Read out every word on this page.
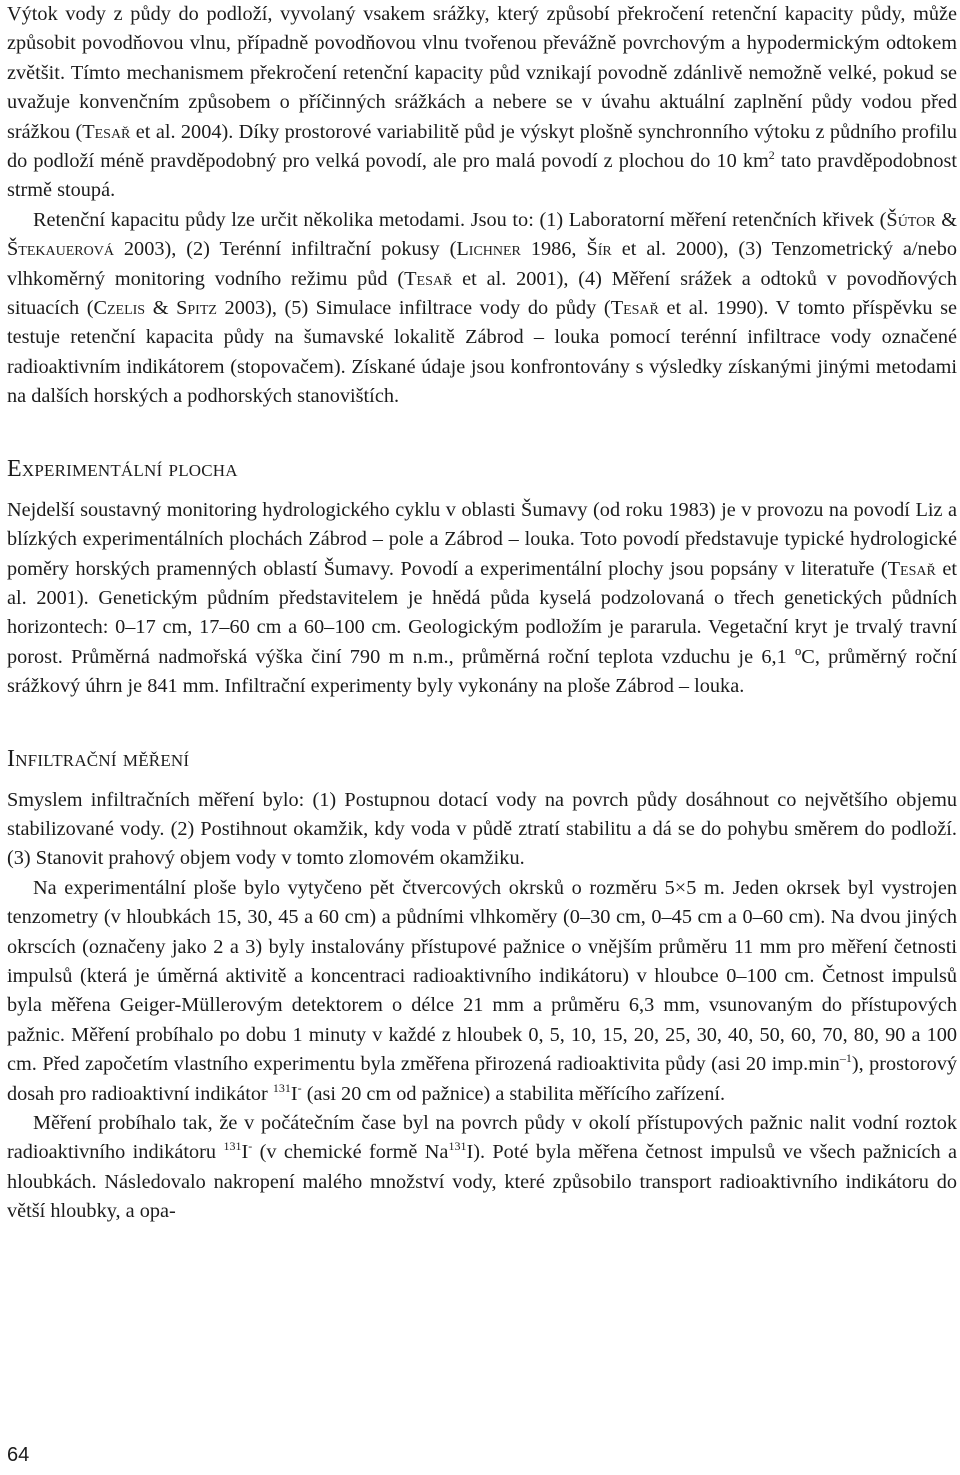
Výtok vody z půdy do podloží, vyvolaný vsakem srážky, který způsobí překročení retenční kapacity půdy, může způsobit povodňovou vlnu, případně povodňovou vlnu tvořenou převážně povrchovým a hypodermickým odtokem zvětšit. Tímto mechanismem překročení retenční kapacity půd vznikají povodně zdánlivě nemožně velké, pokud se uvažuje konvenčním způsobem o příčinných srážkách a nebere se v úvahu aktuální zaplnění půdy vodou před srážkou (Tesař et al. 2004). Díky prostorové variabilitě půd je výskyt plošně synchronního výtoku z půdního profilu do podloží méně pravděpodobný pro velká povodí, ale pro malá povodí z plochou do 10 $km^2$ tato pravděpodobnost strmě stoupá.

Retenční kapacitu půdy lze určit několika metodami. Jsou to: (1) Laboratorní měření retenčních křivek (Šútor & Štekauerová 2003), (2) Terénní infiltrační pokusy (Lichner 1986, Šír et al. 2000), (3) Tenzometrický a/nebo vlhkoměrný monitoring vodního režimu půd (Tesař et al. 2001), (4) Měření srážek a odtoků v povodňových situacích (Czelis & Spitz 2003), (5) Simulace infiltrace vody do půdy (Tesař et al. 1990). V tomto příspěvku se testuje retenční kapacita půdy na šumavské lokalitě Zábrod – louka pomocí terénní infiltrace vody označené radioaktivním indikátorem (stopovačem). Získané údaje jsou konfrontovány s výsledky získanými jinými metodami na dalších horských a podhorských stanovištích.

Experimentální plocha

Nejdelší soustavný monitoring hydrologického cyklu v oblasti Šumavy (od roku 1983) je v provozu na povodí Liz a blízkých experimentálních plochách Zábrod – pole a Zábrod – louka. Toto povodí představuje typické hydrologické poměry horských pramenných oblastí Šumavy. Povodí a experimentální plochy jsou popsány v literatuře (Tesař et al. 2001). Genetickým půdním představitelem je hnědá půda kyselá podzolovaná o třech genetických půdních horizontech: 0–17 cm, 17–60 cm a 60–100 cm. Geologickým podložím je pararula. Vegetační kryt je trvalý travní porost. Průměrná nadmořská výška činí 790 m n.m., průměrná roční teplota vzduchu je 6,1 ºC, průměrný roční srážkový úhrn je 841 mm. Infiltrační experimenty byly vykonány na ploše Zábrod – louka.

Infiltrační měření

Smyslem infiltračních měření bylo: (1) Postupnou dotací vody na povrch půdy dosáhnout co největšího objemu stabilizované vody. (2) Postihnout okamžik, kdy voda v půdě ztratí stabilitu a dá se do pohybu směrem do podloží. (3) Stanovit prahový objem vody v tomto zlomovém okamžiku.

Na experimentální ploše bylo vytyčeno pět čtvercových okrsků o rozměru 5×5 m. Jeden okrsek byl vystrojen tenzometry (v hloubkách 15, 30, 45 a 60 cm) a půdními vlhkoměry (0–30 cm, 0–45 cm a 0–60 cm). Na dvou jiných okrscích (označeny jako 2 a 3) byly instalovány přístupové pažnice o vnějším průměru 11 mm pro měření četnosti impulsů (která je úměrná aktivitě a koncentraci radioaktivního indikátoru) v hloubce 0–100 cm. Četnost impulsů byla měřena Geiger-Müllerovým detektorem o délce 21 mm a průměru 6,3 mm, vsunovaným do přístupových pažnic. Měření probíhalo po dobu 1 minuty v každé z hloubek 0, 5, 10, 15, 20, 25, 30, 40, 50, 60, 70, 80, 90 a 100 cm. Před započetím vlastního experimentu byla změřena přirozená radioaktivita půdy (asi 20 $imp.\min^{-1}$), prostorový dosah pro radioaktivní indikátor $^{131}$I- (asi 20 cm od pažnice) a stabilita měřícího zařízení.

Měření probíhalo tak, že v počátečním čase byl na povrch půdy v okolí přístupových pažnic nalit vodní roztok radioaktivního indikátoru $^{131}$I- (v chemické formě Na$^{131}$I). Poté byla měřena četnost impulsů ve všech pažnicích a hloubkách. Následovalo nakropení malého množství vody, které způsobilo transport radioaktivního indikátoru do větší hloubky, a opa-

64
